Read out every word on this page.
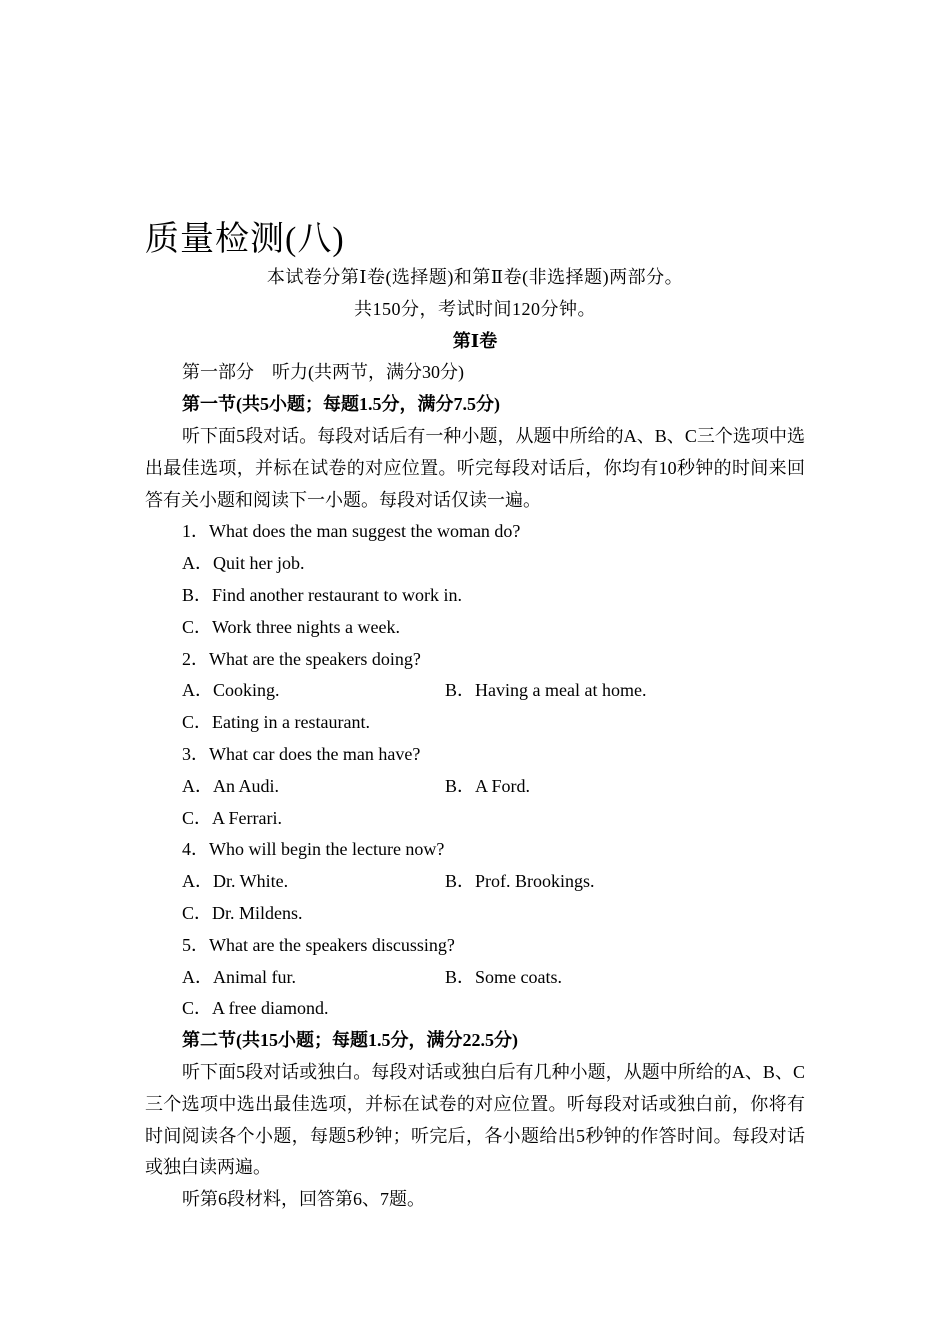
质量检测(八)
本试卷分第Ⅰ卷(选择题)和第Ⅱ卷(非选择题)两部分。
共150分，考试时间120分钟。
第Ⅰ卷
第一部分　听力(共两节，满分30分)
第一节(共5小题；每题1.5分，满分7.5分)

听下面5段对话。每段对话后有一种小题，从题中所给的A、B、C三个选项中选出最佳选项，并标在试卷的对应位置。听完每段对话后，你均有10秒钟的时间来回答有关小题和阅读下一小题。每段对话仅读一遍。

1．What does the man suggest the woman do?
A．Quit her job.
B．Find another restaurant to work in.
C．Work three nights a week.
2．What are the speakers doing?
A．Cooking.	B．Having a meal at home.
C．Eating in a restaurant.
3．What car does the man have?
A．An Audi.	B．A Ford.
C．A Ferrari.
4．Who will begin the lecture now?
A．Dr. White.	B．Prof. Brookings.
C．Dr. Mildens.
5．What are the speakers discussing?
A．Animal fur.	B．Some coats.
C．A free diamond.
第二节(共15小题；每题1.5分，满分22.5分)

听下面5段对话或独白。每段对话或独白后有几种小题，从题中所给的A、B、C三个选项中选出最佳选项，并标在试卷的对应位置。听每段对话或独白前，你将有时间阅读各个小题，每题5秒钟；听完后，各小题给出5秒钟的作答时间。每段对话或独白读两遍。

听第6段材料，回答第6、7题。
